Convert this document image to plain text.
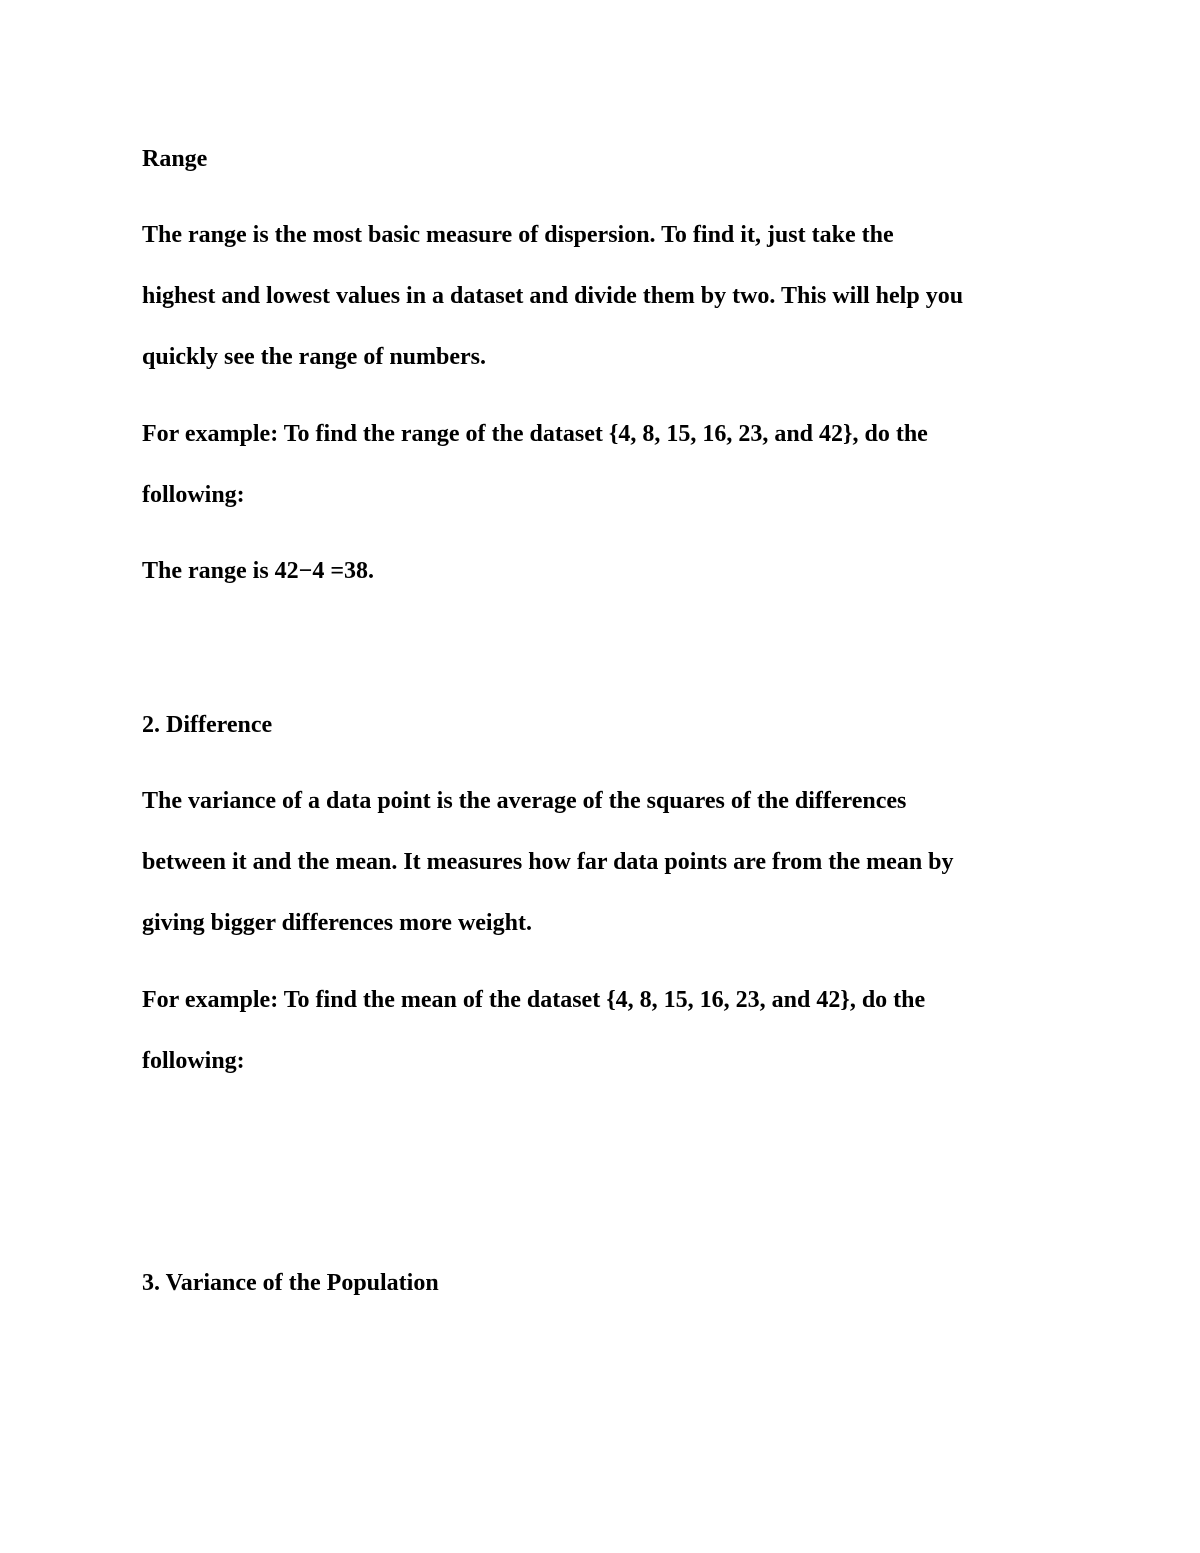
Range

The range is the most basic measure of dispersion. To find it, just take the

highest and lowest values in a dataset and divide them by two. This will help you

quickly see the range of numbers.

For example: To find the range of the dataset {4, 8, 15, 16, 23, and 42}, do the

following:

The range is 42−4 =38.

2. Difference

The variance of a data point is the average of the squares of the differences

between it and the mean. It measures how far data points are from the mean by

giving bigger differences more weight.

For example: To find the mean of the dataset {4, 8, 15, 16, 23, and 42}, do the

following:

3. Variance of the Population
